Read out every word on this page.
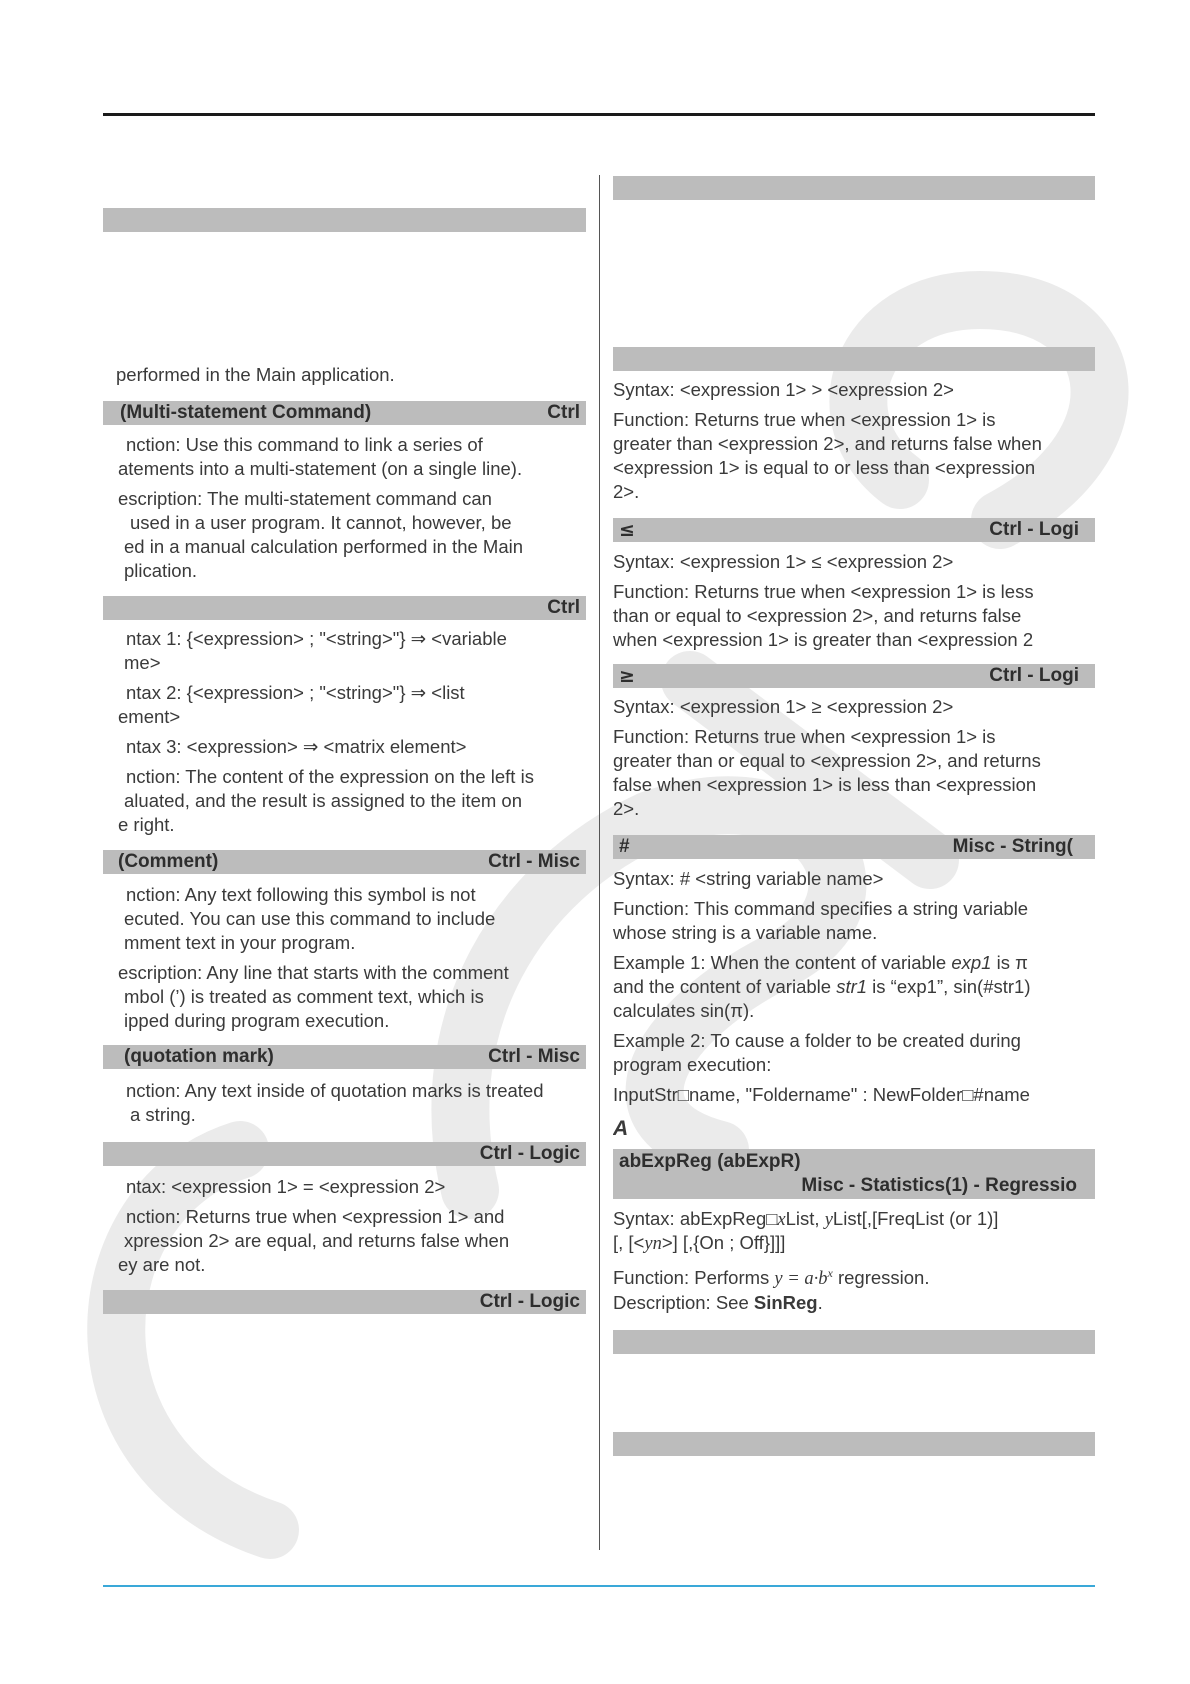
performed in the Main application.
(Multi-statement Command)	Ctrl
nction: Use this command to link a series of
atements into a multi-statement (on a single line).
escription: The multi-statement command can
used in a user program. It cannot, however, be
ed in a manual calculation performed in the Main
plication.
Ctrl
ntax 1: {<expression> ; "<string>"} ⇒ <variable
me>
ntax 2: {<expression> ; "<string>"} ⇒ <list
ement>
ntax 3: <expression> ⇒ <matrix element>
nction: The content of the expression on the left is
aluated, and the result is assigned to the item on
e right.
(Comment)	Ctrl - Misc
nction: Any text following this symbol is not
ecuted. You can use this command to include
mment text in your program.
escription: Any line that starts with the comment
mbol (’) is treated as comment text, which is
ipped during program execution.
(quotation mark)	Ctrl - Misc
nction: Any text inside of quotation marks is treated
a string.
Ctrl - Logic
ntax: <expression 1> = <expression 2>
nction: Returns true when <expression 1> and
xpression 2> are equal, and returns false when
ey are not.
Ctrl - Logic
Syntax: <expression 1> > <expression 2>
Function: Returns true when <expression 1> is
greater than <expression 2>, and returns false when
<expression 1> is equal to or less than <expression
2>.
≤	Ctrl - Logi
Syntax: <expression 1> ≤ <expression 2>
Function: Returns true when <expression 1> is less
than or equal to <expression 2>, and returns false
when <expression 1> is greater than <expression 2
≥	Ctrl - Logi
Syntax: <expression 1> ≥ <expression 2>
Function: Returns true when <expression 1> is
greater than or equal to <expression 2>, and returns
false when <expression 1> is less than <expression
2>.
#	Misc - String(
Syntax: # <string variable name>
Function: This command specifies a string variable
whose string is a variable name.
Example 1: When the content of variable exp1 is π
and the content of variable str1 is “exp1”, sin(#str1)
calculates sin(π).
Example 2: To cause a folder to be created during
program execution:
InputStr□name, "Foldername" : NewFolder□#name
A
abExpReg (abExpR)
Misc - Statistics(1) - Regressio
Syntax: abExpReg□xList, yList[,[FreqList (or 1)]
[, [<yn>] [,{On ; Off}]]]
Function: Performs $y = a\cdot b^x$ regression.
Description: See SinReg.
